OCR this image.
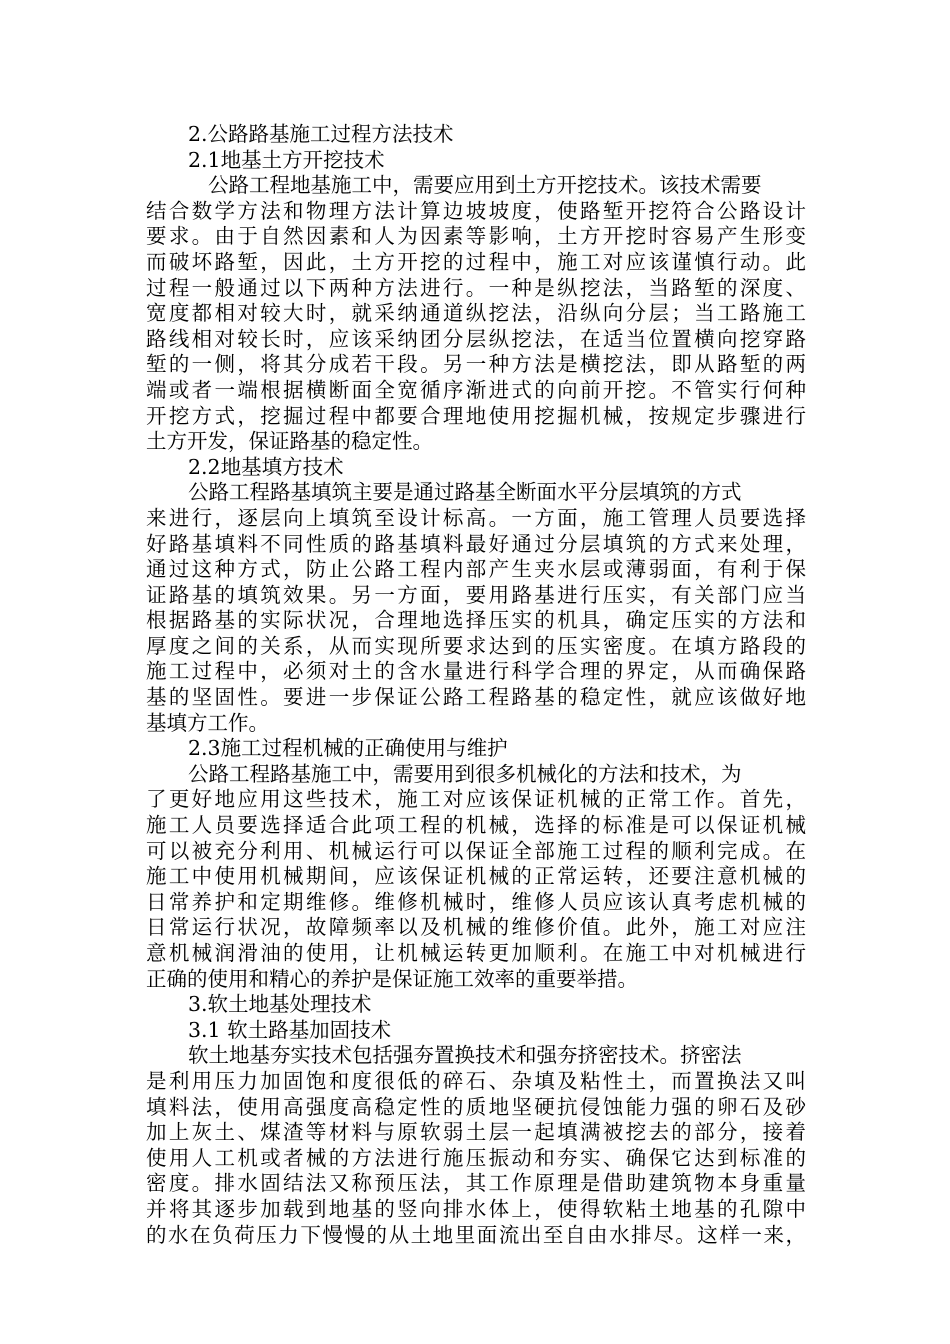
2.公路路基施工过程方法技术
2.1地基土方开挖技术
公路工程地基施工中，需要应用到土方开挖技术。该技术需要
结合数学方法和物理方法计算边坡坡度，使路堑开挖符合公路设计
要求。由于自然因素和人为因素等影响，土方开挖时容易产生形变
而破坏路堑，因此，土方开挖的过程中，施工对应该谨慎行动。此
过程一般通过以下两种方法进行。一种是纵挖法，当路堑的深度、
宽度都相对较大时，就采纳通道纵挖法，沿纵向分层；当工路施工
路线相对较长时，应该采纳团分层纵挖法，在适当位置横向挖穿路
堑的一侧，将其分成若干段。另一种方法是横挖法，即从路堑的两
端或者一端根据横断面全宽循序渐进式的向前开挖。不管实行何种
开挖方式，挖掘过程中都要合理地使用挖掘机械，按规定步骤进行
土方开发，保证路基的稳定性。
2.2地基填方技术
公路工程路基填筑主要是通过路基全断面水平分层填筑的方式
来进行，逐层向上填筑至设计标高。一方面，施工管理人员要选择
好路基填料不同性质的路基填料最好通过分层填筑的方式来处理，
通过这种方式，防止公路工程内部产生夹水层或薄弱面，有利于保
证路基的填筑效果。另一方面，要用路基进行压实，有关部门应当
根据路基的实际状况，合理地选择压实的机具，确定压实的方法和
厚度之间的关系，从而实现所要求达到的压实密度。在填方路段的
施工过程中，必须对土的含水量进行科学合理的界定，从而确保路
基的坚固性。要进一步保证公路工程路基的稳定性，就应该做好地
基填方工作。
2.3施工过程机械的正确使用与维护
公路工程路基施工中，需要用到很多机械化的方法和技术，为
了更好地应用这些技术，施工对应该保证机械的正常工作。首先，
施工人员要选择适合此项工程的机械，选择的标准是可以保证机械
可以被充分利用、机械运行可以保证全部施工过程的顺利完成。在
施工中使用机械期间，应该保证机械的正常运转，还要注意机械的
日常养护和定期维修。维修机械时，维修人员应该认真考虑机械的
日常运行状况，故障频率以及机械的维修价值。此外，施工对应注
意机械润滑油的使用，让机械运转更加顺利。在施工中对机械进行
正确的使用和精心的养护是保证施工效率的重要举措。
3.软土地基处理技术
3.1 软土路基加固技术
软土地基夯实技术包括强夯置换技术和强夯挤密技术。挤密法
是利用压力加固饱和度很低的碎石、杂填及粘性土，而置换法又叫
填料法，使用高强度高稳定性的质地坚硬抗侵蚀能力强的卵石及砂
加上灰土、煤渣等材料与原软弱土层一起填满被挖去的部分，接着
使用人工机或者械的方法进行施压振动和夯实、确保它达到标准的
密度。排水固结法又称预压法，其工作原理是借助建筑物本身重量
并将其逐步加载到地基的竖向排水体上，使得软粘土地基的孔隙中
的水在负荷压力下慢慢的从土地里面流出至自由水排尽。这样一来，
